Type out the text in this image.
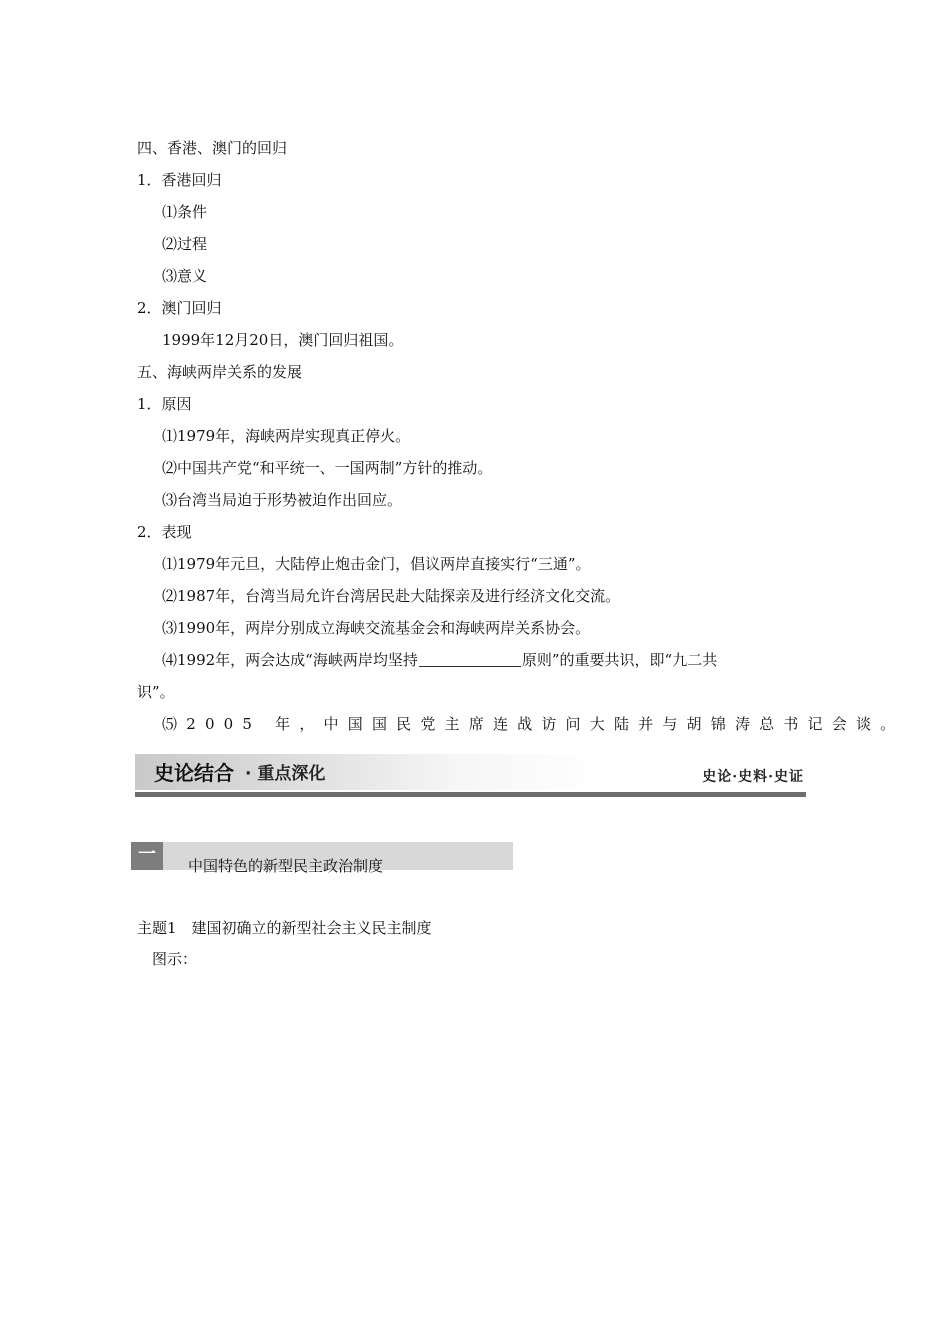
四、香港、澳门的回归
1．香港回归
⑴条件
⑵过程
⑶意义
2．澳门回归
1999年12月20日，澳门回归祖国。
五、海峡两岸关系的发展
1．原因
⑴1979年，海峡两岸实现真正停火。
⑵中国共产党“和平统一、一国两制”方针的推动。
⑶台湾当局迫于形势被迫作出回应。
2．表现
⑴1979年元旦，大陆停止炮击金门，倡议两岸直接实行“三通”。
⑵1987年，台湾当局允许台湾居民赴大陆探亲及进行经济文化交流。
⑶1990年，两岸分别成立海峡交流基金会和海峡两岸关系协会。
⑷1992年，两会达成“海峡两岸均坚持	原则”的重要共识，即“九二共
识”。
⑸2005 年，中国国民党主席连战访问大陆并与胡锦涛总书记会谈。
史论结合 · 重点深化	史论·史料·史证
一
中国特色的新型民主政治制度
主题1　建国初确立的新型社会主义民主制度
图示：
